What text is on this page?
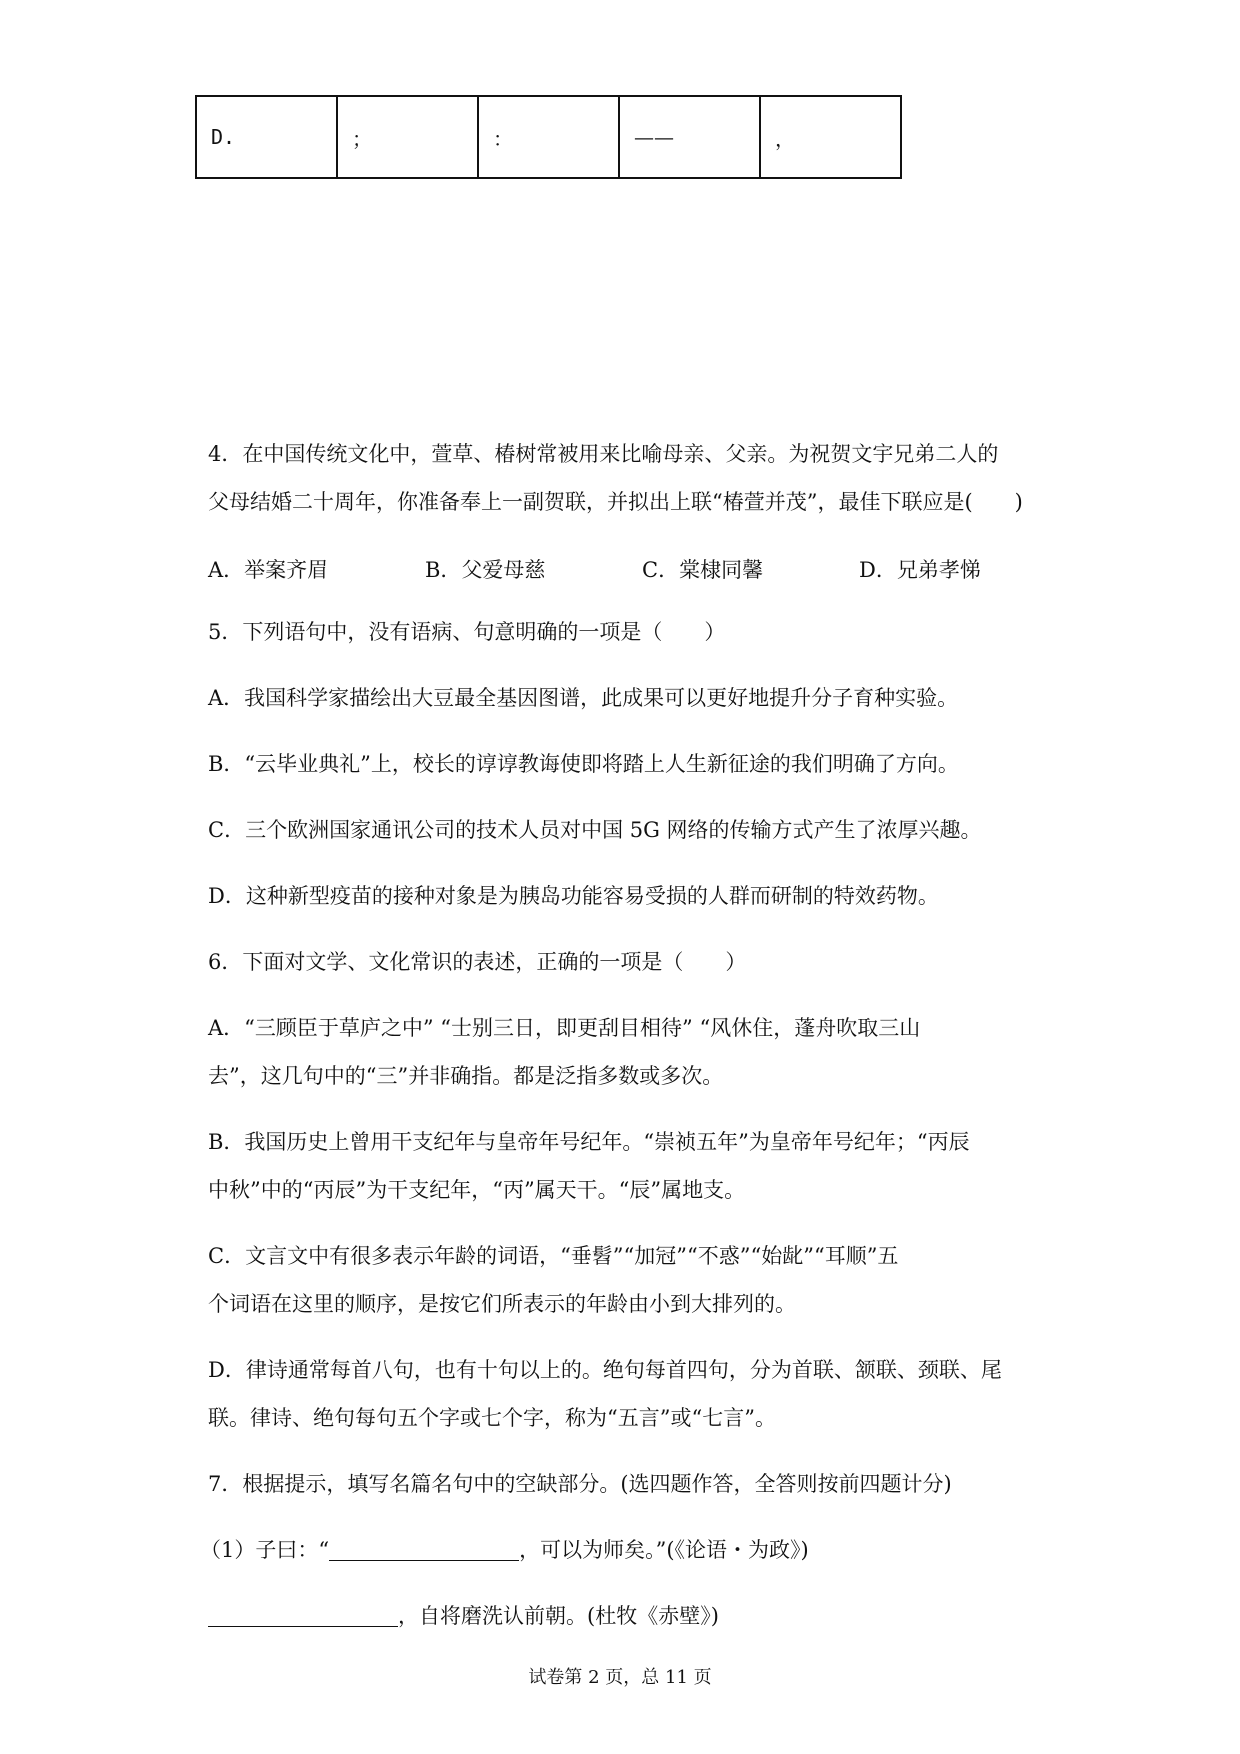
D.	；	：	——	，
4．在中国传统文化中，萱草、椿树常被用来比喻母亲、父亲。为祝贺文宇兄弟二人的
父母结婚二十周年，你准备奉上一副贺联，并拟出上联“椿萱并茂”，最佳下联应是(　　)
A．举案齐眉	B．父爱母慈	C．棠棣同馨	D．兄弟孝悌
5．下列语句中，没有语病、句意明确的一项是（　　）
A．我国科学家描绘出大豆最全基因图谱，此成果可以更好地提升分子育种实验。
B．“云毕业典礼”上，校长的谆谆教诲使即将踏上人生新征途的我们明确了方向。
C．三个欧洲国家通讯公司的技术人员对中国 5G 网络的传输方式产生了浓厚兴趣。
D．这种新型疫苗的接种对象是为胰岛功能容易受损的人群而研制的特效药物。
6．下面对文学、文化常识的表述，正确的一项是（　　）
A．“三顾臣于草庐之中” “士别三日，即更刮目相待” “风休住，蓬舟吹取三山
去”，这几句中的“三”并非确指。都是泛指多数或多次。
B．我国历史上曾用干支纪年与皇帝年号纪年。“崇祯五年”为皇帝年号纪年；“丙辰
中秋”中的“丙辰”为干支纪年，“丙”属天干。“辰”属地支。
C．文言文中有很多表示年龄的词语，“垂髫”“加冠”“不惑”“始龀”“耳顺”五
个词语在这里的顺序，是按它们所表示的年龄由小到大排列的。
D．律诗通常每首八句，也有十句以上的。绝句每首四句，分为首联、颔联、颈联、尾
联。律诗、绝句每句五个字或七个字，称为“五言”或“七言”。
7．根据提示，填写名篇名句中的空缺部分。(选四题作答，全答则按前四题计分)
（1）子曰：“	，可以为师矣。”(《论语・为政》)
，自将磨洗认前朝。(杜牧《赤壁》)
试卷第 2 页，总 11 页
